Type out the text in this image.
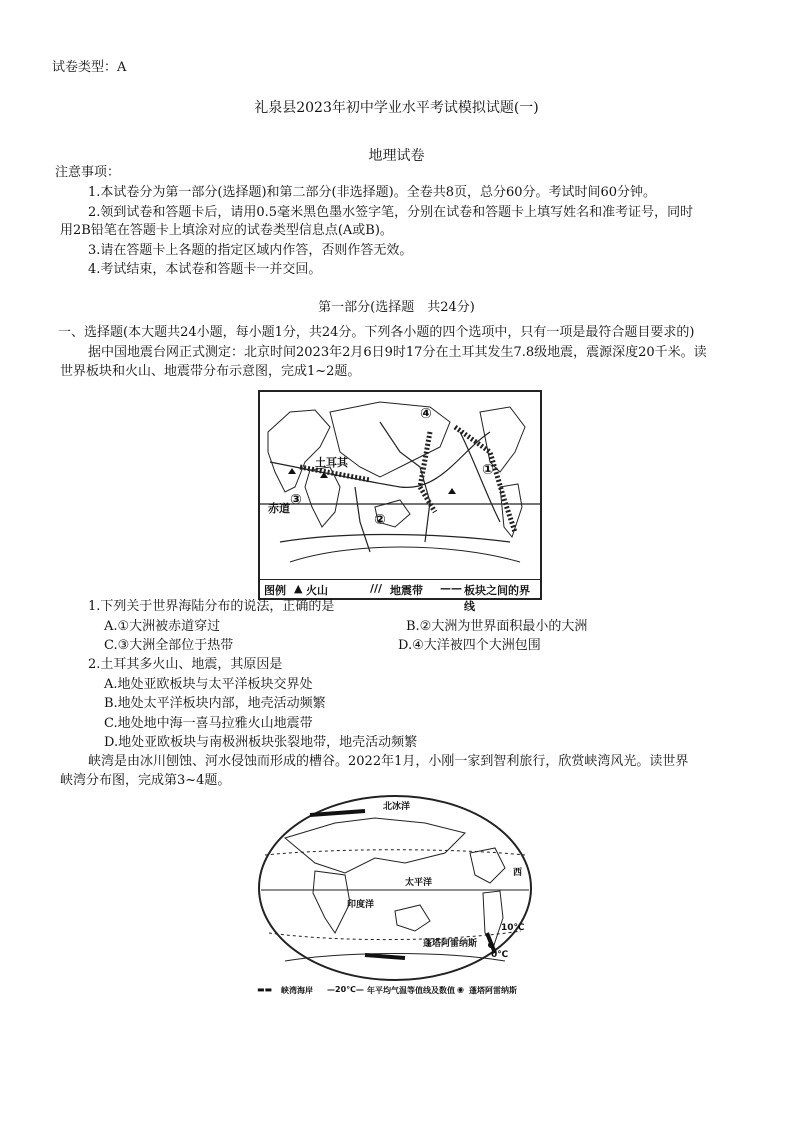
试卷类型：A
礼泉县2023年初中学业水平考试模拟试题(一)
地理试卷
注意事项：
1.本试卷分为第一部分(选择题)和第二部分(非选择题)。全卷共8页，总分60分。考试时间60分钟。
2.领到试卷和答题卡后，请用0.5毫米黑色墨水签字笔，分别在试卷和答题卡上填写姓名和准考证号，同时
用2B铅笔在答题卡上填涂对应的试卷类型信息点(A或B)。
3.请在答题卡上各题的指定区域内作答，否则作答无效。
4.考试结束，本试卷和答题卡一并交回。
第一部分(选择题　共24分)
一、选择题(本大题共24小题，每小题1分，共24分。下列各小题的四个选项中，只有一项是最符合题目要求的)
据中国地震台网正式测定：北京时间2023年2月6日9时17分在土耳其发生7.8级地震，震源深度20千米。读
世界板块和火山、地震带分布示意图，完成1~2题。
土耳其
赤道
①
②
③
④
图例 ▲ 火山	/// 地震带 —— 板块之间的界线
1.下列关于世界海陆分布的说法，正确的是
A.①大洲被赤道穿过	B.②大洲为世界面积最小的大洲
C.③大洲全部位于热带	D.④大洋被四个大洲包围
2.土耳其多火山、地震，其原因是
A.地处亚欧板块与太平洋板块交界处
B.地处太平洋板块内部，地壳活动频繁
C.地处地中海一喜马拉雅火山地震带
D.地处亚欧板块与南极洲板块张裂地带，地壳活动频繁
峡湾是由冰川刨蚀、河水侵蚀而形成的槽谷。2022年1月，小刚一家到智利旅行，欣赏峡湾风光。读世界
峡湾分布图，完成第3~4题。
北冰洋
太平洋
印度洋
西
蓬塔阿雷纳斯
10℃
0℃
▬▬ 峡湾海岸 —20℃— 年平均气温等值线及数值 ◉ 蓬塔阿雷纳斯
